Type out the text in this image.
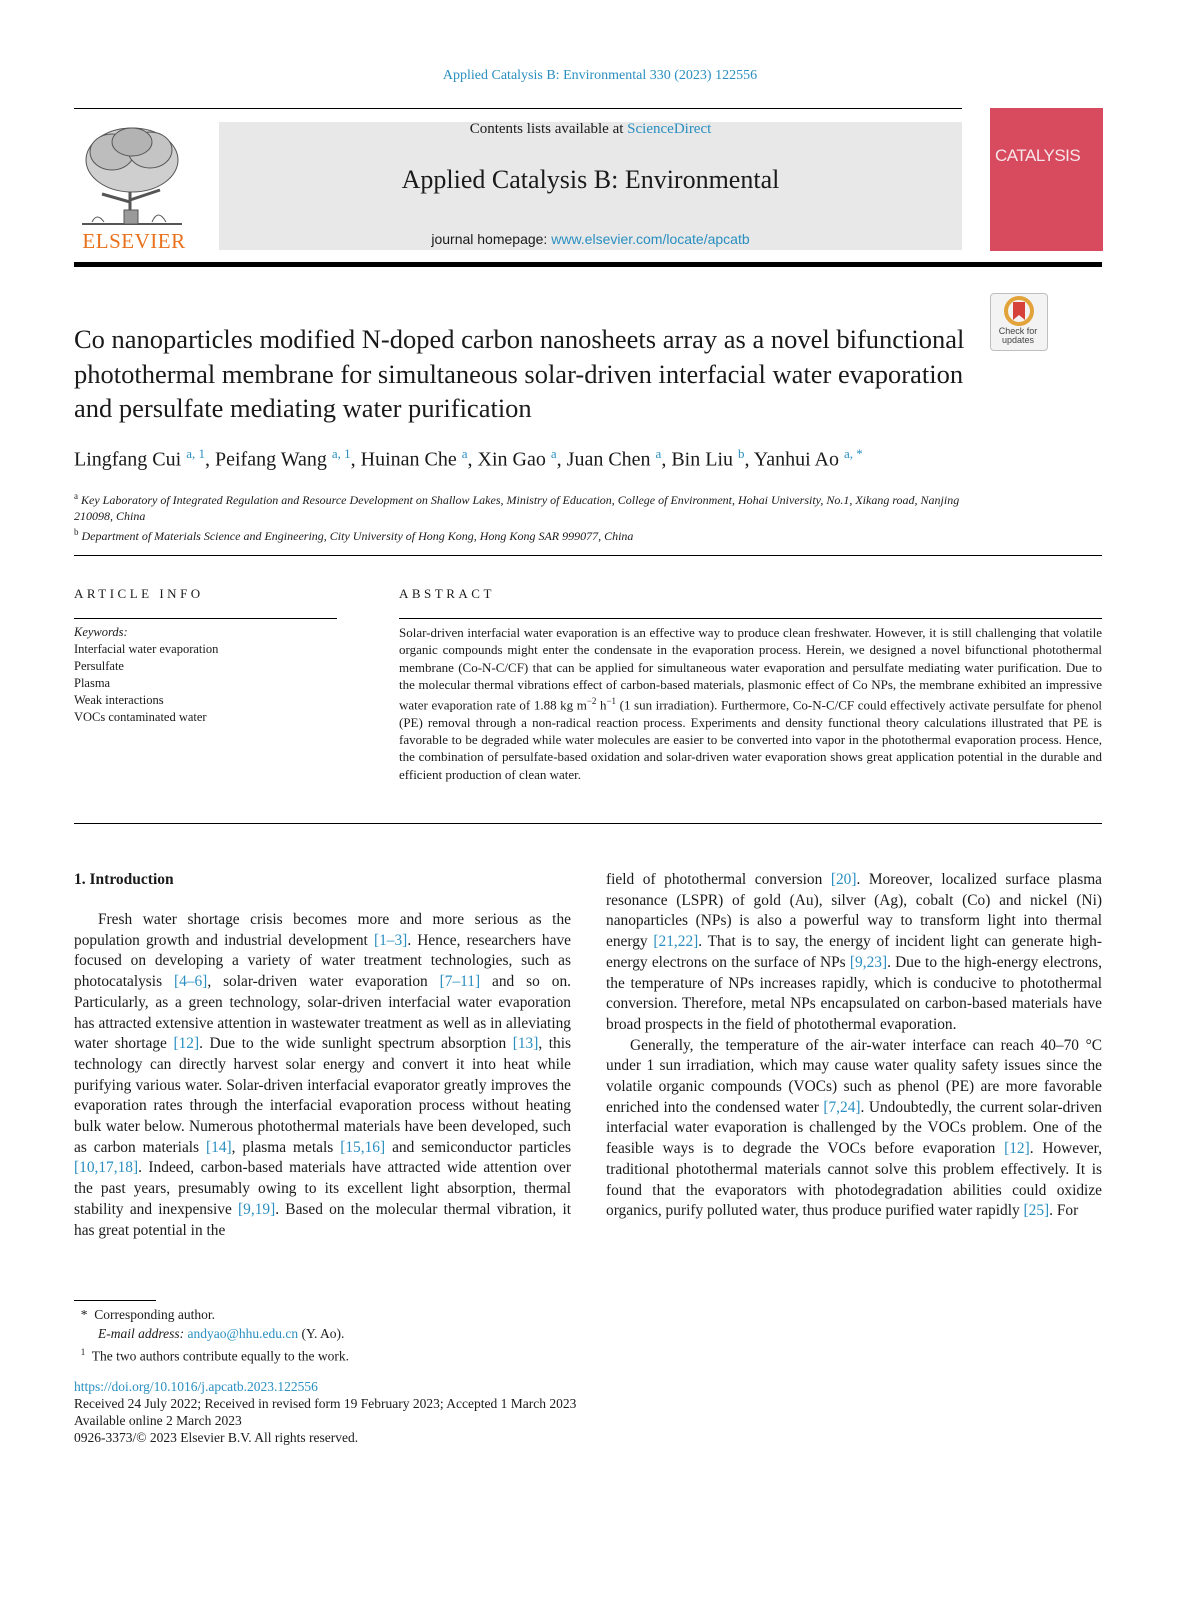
Applied Catalysis B: Environmental 330 (2023) 122556
ELSEVIER
Contents lists available at ScienceDirect
Applied Catalysis B: Environmental
journal homepage: www.elsevier.com/locate/apcatb
CATALYSIS
Check for
updates
Co nanoparticles modified N-doped carbon nanosheets array as a novel bifunctional photothermal membrane for simultaneous solar-driven interfacial water evaporation and persulfate mediating water purification
Lingfang Cui $^{a, 1}$, Peifang Wang $^{a, 1}$, Huinan Che $^a$, Xin Gao $^a$, Juan Chen $^a$, Bin Liu $^b$, Yanhui Ao $^{a, *}$
$^a$ Key Laboratory of Integrated Regulation and Resource Development on Shallow Lakes, Ministry of Education, College of Environment, Hohai University, No.1, Xikang road, Nanjing 210098, China
$^b$ Department of Materials Science and Engineering, City University of Hong Kong, Hong Kong SAR 999077, China
ARTICLE INFO	ABSTRACT
Keywords:
Interfacial water evaporation
Persulfate
Plasma
Weak interactions
VOCs contaminated water
Solar-driven interfacial water evaporation is an effective way to produce clean freshwater. However, it is still challenging that volatile organic compounds might enter the condensate in the evaporation process. Herein, we designed a novel bifunctional photothermal membrane (Co-N-C/CF) that can be applied for simultaneous water evaporation and persulfate mediating water purification. Due to the molecular thermal vibrations effect of carbon-based materials, plasmonic effect of Co NPs, the membrane exhibited an impressive water evaporation rate of 1.88 kg $m^{-2}$ $h^{-1}$ (1 sun irradiation). Furthermore, Co-N-C/CF could effectively activate persulfate for phenol (PE) removal through a non-radical reaction process. Experiments and density functional theory calculations illustrated that PE is favorable to be degraded while water molecules are easier to be converted into vapor in the photothermal evaporation process. Hence, the combination of persulfate-based oxidation and solar-driven water evaporation shows great application potential in the durable and efficient production of clean water.
1. Introduction

Fresh water shortage crisis becomes more and more serious as the population growth and industrial development [1–3]. Hence, researchers have focused on developing a variety of water treatment technologies, such as photocatalysis [4–6], solar-driven water evaporation [7–11] and so on. Particularly, as a green technology, solar-driven interfacial water evaporation has attracted extensive attention in wastewater treatment as well as in alleviating water shortage [12]. Due to the wide sunlight spectrum absorption [13], this technology can directly harvest solar energy and convert it into heat while purifying various water. Solar-driven interfacial evaporator greatly improves the evaporation rates through the interfacial evaporation process without heating bulk water below. Numerous photothermal materials have been developed, such as carbon materials [14], plasma metals [15,16] and semiconductor particles [10,17,18]. Indeed, carbon-based materials have attracted wide attention over the past years, presumably owing to its excellent light absorption, thermal stability and inexpensive [9,19]. Based on the molecular thermal vibration, it has great potential in the

field of photothermal conversion [20]. Moreover, localized surface plasma resonance (LSPR) of gold (Au), silver (Ag), cobalt (Co) and nickel (Ni) nanoparticles (NPs) is also a powerful way to transform light into thermal energy [21,22]. That is to say, the energy of incident light can generate high-energy electrons on the surface of NPs [9,23]. Due to the high-energy electrons, the temperature of NPs increases rapidly, which is conducive to photothermal conversion. Therefore, metal NPs encapsulated on carbon-based materials have broad prospects in the field of photothermal evaporation.

Generally, the temperature of the air-water interface can reach 40–70 °C under 1 sun irradiation, which may cause water quality safety issues since the volatile organic compounds (VOCs) such as phenol (PE) are more favorable enriched into the condensed water [7,24]. Undoubtedly, the current solar-driven interfacial water evaporation is challenged by the VOCs problem. One of the feasible ways is to degrade the VOCs before evaporation [12]. However, traditional photothermal materials cannot solve this problem effectively. It is found that the evaporators with photodegradation abilities could oxidize organics, purify polluted water, thus produce purified water rapidly [25]. For

* Corresponding author.
E-mail address: andyao@hhu.edu.cn (Y. Ao).
$^1$ The two authors contribute equally to the work.
https://doi.org/10.1016/j.apcatb.2023.122556
Received 24 July 2022; Received in revised form 19 February 2023; Accepted 1 March 2023
Available online 2 March 2023
0926-3373/© 2023 Elsevier B.V. All rights reserved.
